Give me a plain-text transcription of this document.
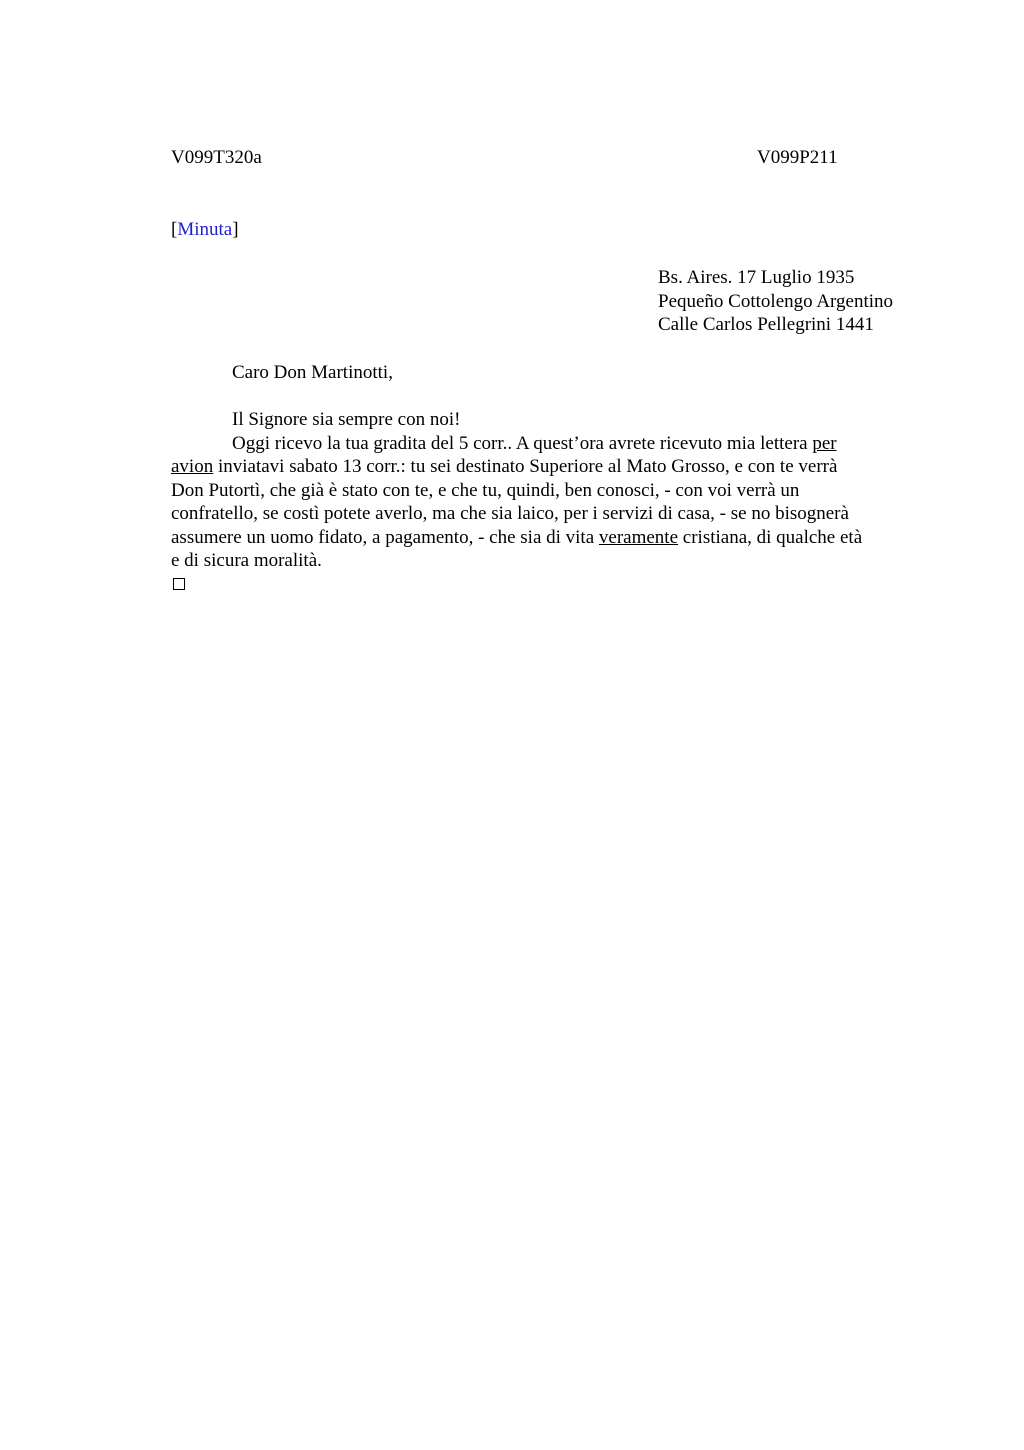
V099T320a	V099P211
[Minuta]
Bs. Aires. 17 Luglio 1935
Pequeño Cottolengo Argentino
Calle Carlos Pellegrini 1441
Caro Don Martinotti,
Il Signore sia sempre con noi!
Oggi ricevo la tua gradita del 5 corr.. A quest’ora avrete ricevuto mia lettera per
avion inviatavi sabato 13 corr.: tu sei destinato Superiore al Mato Grosso, e con te verrà
Don Putortì, che già è stato con te, e che tu, quindi, ben conosci, - con voi verrà un
confratello, se costì potete averlo, ma che sia laico, per i servizi di casa, - se no bisognerà
assumere un uomo fidato, a pagamento, - che sia di vita veramente cristiana, di qualche età
e di sicura moralità.
